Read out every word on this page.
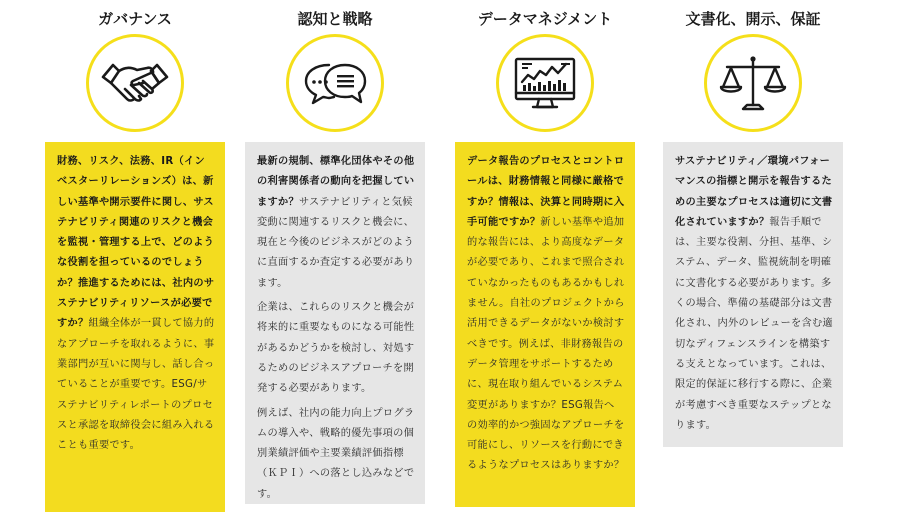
ガバナンス

財務、リスク、法務、IR（インベスターリレーションズ）は、新しい基準や開示要件に関し、サステナビリティ関連のリスクと機会を監視・管理する上で、どのような役割を担っているのでしょうか？推進するためには、社内のサステナビリティリソースが必要ですか？組織全体が一貫して協力的なアプローチを取れるように、事業部門が互いに関与し、話し合っていることが重要です。ESG/サステナビリティレポートのプロセスと承認を取締役会に組み入れることも重要です。

認知と戦略

最新の規制、標準化団体やその他の利害関係者の動向を把握していますか？サステナビリティと気候変動に関連するリスクと機会に、現在と今後のビジネスがどのように直面するか査定する必要があります。

企業は、これらのリスクと機会が将来的に重要なものになる可能性があるかどうかを検討し、対処するためのビジネスアプローチを開発する必要があります。

例えば、社内の能力向上プログラムの導入や、戦略的優先事項の個別業績評価や主要業績評価指標（ＫＰＩ）への落とし込みなどです。

データマネジメント

データ報告のプロセスとコントロールは、財務情報と同様に厳格ですか？情報は、決算と同時期に入手可能ですか？新しい基準や追加的な報告には、より高度なデータが必要であり、これまで照合されていなかったものもあるかもしれません。自社のプロジェクトから活用できるデータがないか検討すべきです。例えば、非財務報告のデータ管理をサポートするために、現在取り組んでいるシステム変更がありますか？ESG報告への効率的かつ強固なアプローチを可能にし、リソースを行動にできるようなプロセスはありますか？

文書化、開示、保証

サステナビリティ／環境パフォーマンスの指標と開示を報告するための主要なプロセスは適切に文書化されていますか？報告手順では、主要な役割、分担、基準、システム、データ、監視統制を明確に文書化する必要があります。多くの場合、準備の基礎部分は文書化され、内外のレビューを含む適切なディフェンスラインを構築する支えとなっています。これは、限定的保証に移行する際に、企業が考慮すべき重要なステップとなります。
